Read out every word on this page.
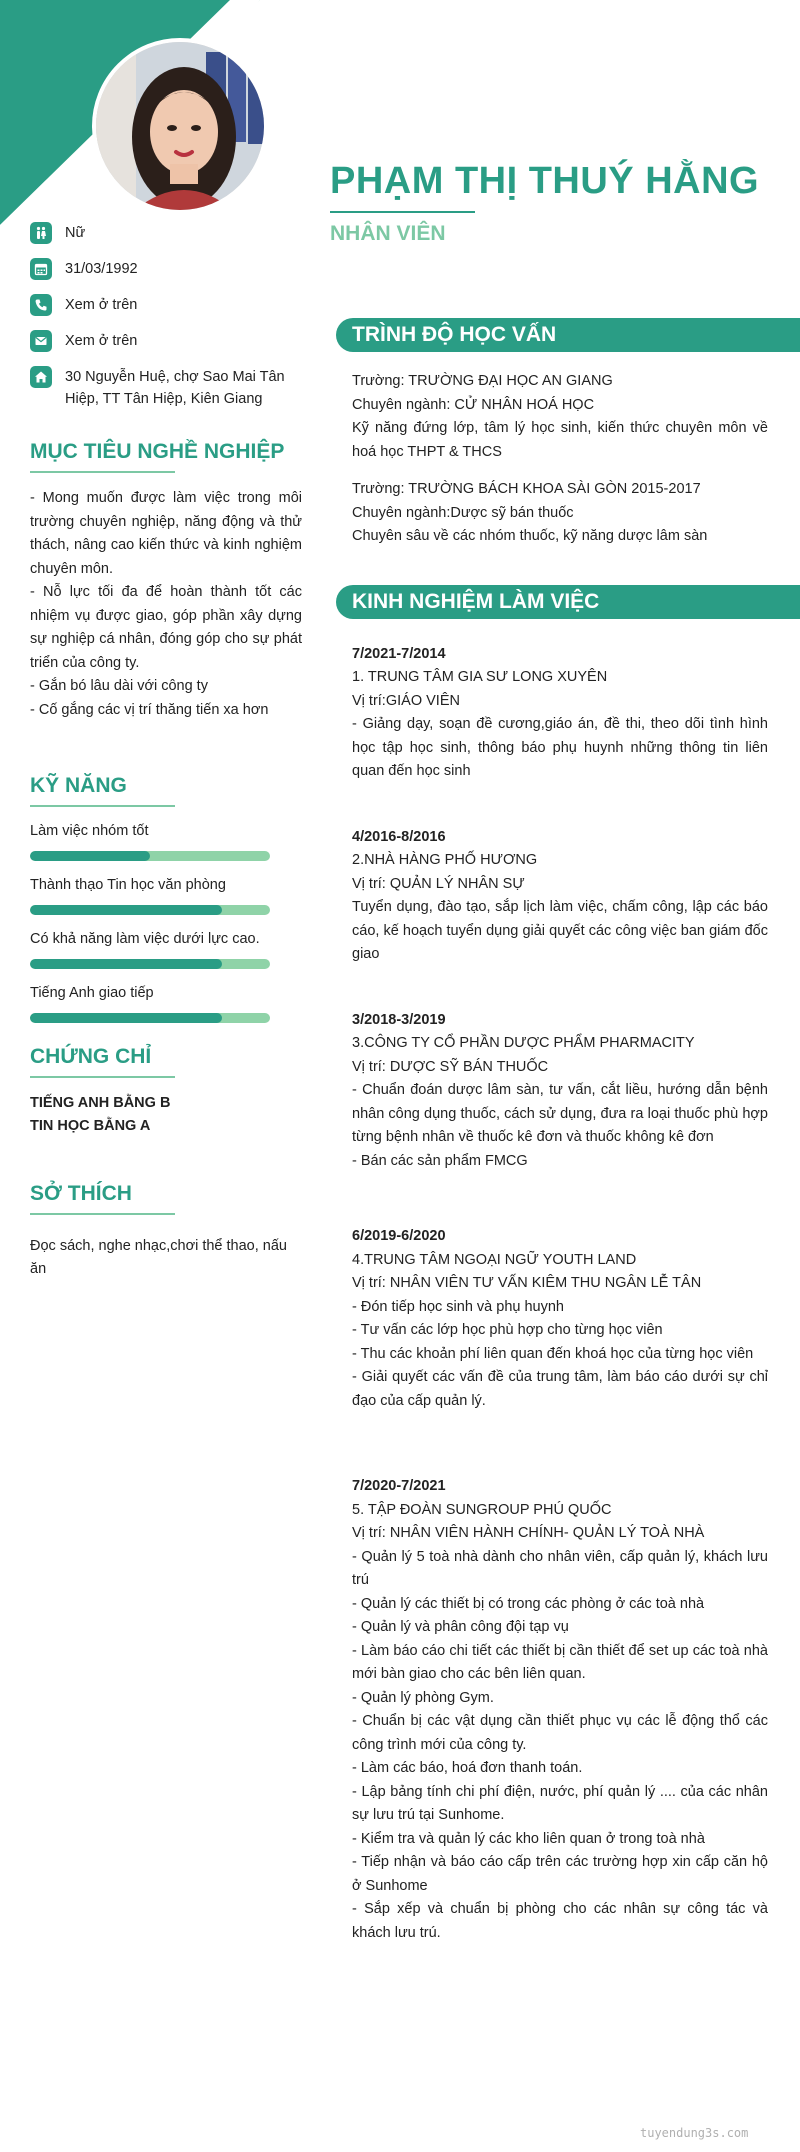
PHẠM THỊ THUÝ HẰNG
NHÂN VIÊN
Nữ
31/03/1992
Xem ở trên
Xem ở trên
30 Nguyễn Huệ, chợ Sao Mai Tân Hiệp, TT Tân Hiệp, Kiên Giang
MỤC TIÊU NGHỀ NGHIỆP
- Mong muốn được làm việc trong môi trường chuyên nghiệp, năng động và thử thách, nâng cao kiến thức và kinh nghiệm chuyên môn.
- Nỗ lực tối đa để hoàn thành tốt các nhiệm vụ được giao, góp phần xây dựng sự nghiệp cá nhân, đóng góp cho sự phát triển của công ty.
- Gắn bó lâu dài với công ty
- Cố gắng các vị trí thăng tiến xa hơn
KỸ NĂNG
Làm việc nhóm tốt
Thành thạo Tin học văn phòng
Có khả năng làm việc dưới lực cao.
Tiếng Anh giao tiếp
CHỨNG CHỈ
TIẾNG ANH BẰNG B
TIN HỌC BẰNG A
SỞ THÍCH
Đọc sách, nghe nhạc,chơi thể thao, nấu ăn
TRÌNH ĐỘ HỌC VẤN

Trường: TRƯỜNG ĐẠI HỌC AN GIANG

Chuyên ngành: CỬ NHÂN HOÁ HỌC

Kỹ năng đứng lớp, tâm lý học sinh, kiến thức chuyên môn về hoá học THPT & THCS

Trường: TRƯỜNG BÁCH KHOA SÀI GÒN 2015-2017

Chuyên ngành:Dược sỹ bán thuốc

Chuyên sâu về các nhóm thuốc, kỹ năng dược lâm sàn

KINH NGHIỆM LÀM VIỆC
7/2021-7/2014
1. TRUNG TÂM GIA SƯ LONG XUYÊN
Vị trí:GIÁO VIÊN
- Giảng dạy, soạn đề cương,giáo án, đề thi, theo dõi tình hình học tập học sinh, thông báo phụ huynh những thông tin liên quan đến học sinh
4/2016-8/2016
2.NHÀ HÀNG PHỐ HƯƠNG
Vị trí: QUẢN LÝ NHÂN SỰ
Tuyển dụng, đào tạo, sắp lịch làm việc, chấm công, lập các báo cáo, kế hoạch tuyển dụng giải quyết các công việc ban giám đốc giao
3/2018-3/2019
3.CÔNG TY CỔ PHẦN DƯỢC PHẨM PHARMACITY
Vị trí: DƯỢC SỸ BÁN THUỐC
- Chuẩn đoán dược lâm sàn, tư vấn, cắt liều, hướng dẫn bệnh nhân công dụng thuốc, cách sử dụng, đưa ra loại thuốc phù hợp từng bệnh nhân về thuốc kê đơn và thuốc không kê đơn
- Bán các sản phẩm FMCG
6/2019-6/2020
4.TRUNG TÂM NGOẠI NGỮ YOUTH LAND
Vị trí: NHÂN VIÊN TƯ VẤN KIÊM THU NGÂN LỄ TÂN
- Đón tiếp học sinh và phụ huynh
- Tư vấn các lớp học phù hợp cho từng học viên
- Thu các khoản phí liên quan đến khoá học của từng học viên
- Giải quyết các vấn đề của trung tâm, làm báo cáo dưới sự chỉ đạo của cấp quản lý.
7/2020-7/2021
5. TẬP ĐOÀN SUNGROUP PHÚ QUỐC
Vị trí: NHÂN VIÊN HÀNH CHÍNH- QUẢN LÝ TOÀ NHÀ
- Quản lý 5 toà nhà dành cho nhân viên, cấp quản lý, khách lưu trú
- Quản lý các thiết bị có trong các phòng ở các toà nhà
- Quản lý và phân công đội tạp vụ
- Làm báo cáo chi tiết các thiết bị cần thiết để set up các toà nhà mới bàn giao cho các bên liên quan.
- Quản lý phòng Gym.
- Chuẩn bị các vật dụng cần thiết phục vụ các lễ động thổ các công trình mới của công ty.
- Làm các báo, hoá đơn thanh toán.
- Lập bảng tính chi phí điện, nước, phí quản lý .... của các nhân sự lưu trú tại Sunhome.
- Kiểm tra và quản lý các kho liên quan ở trong toà nhà
- Tiếp nhận và báo cáo cấp trên các trường hợp xin cấp căn hộ ở Sunhome
- Sắp xếp và chuẩn bị phòng cho các nhân sự công tác và khách lưu trú.
tuyendung3s.com
